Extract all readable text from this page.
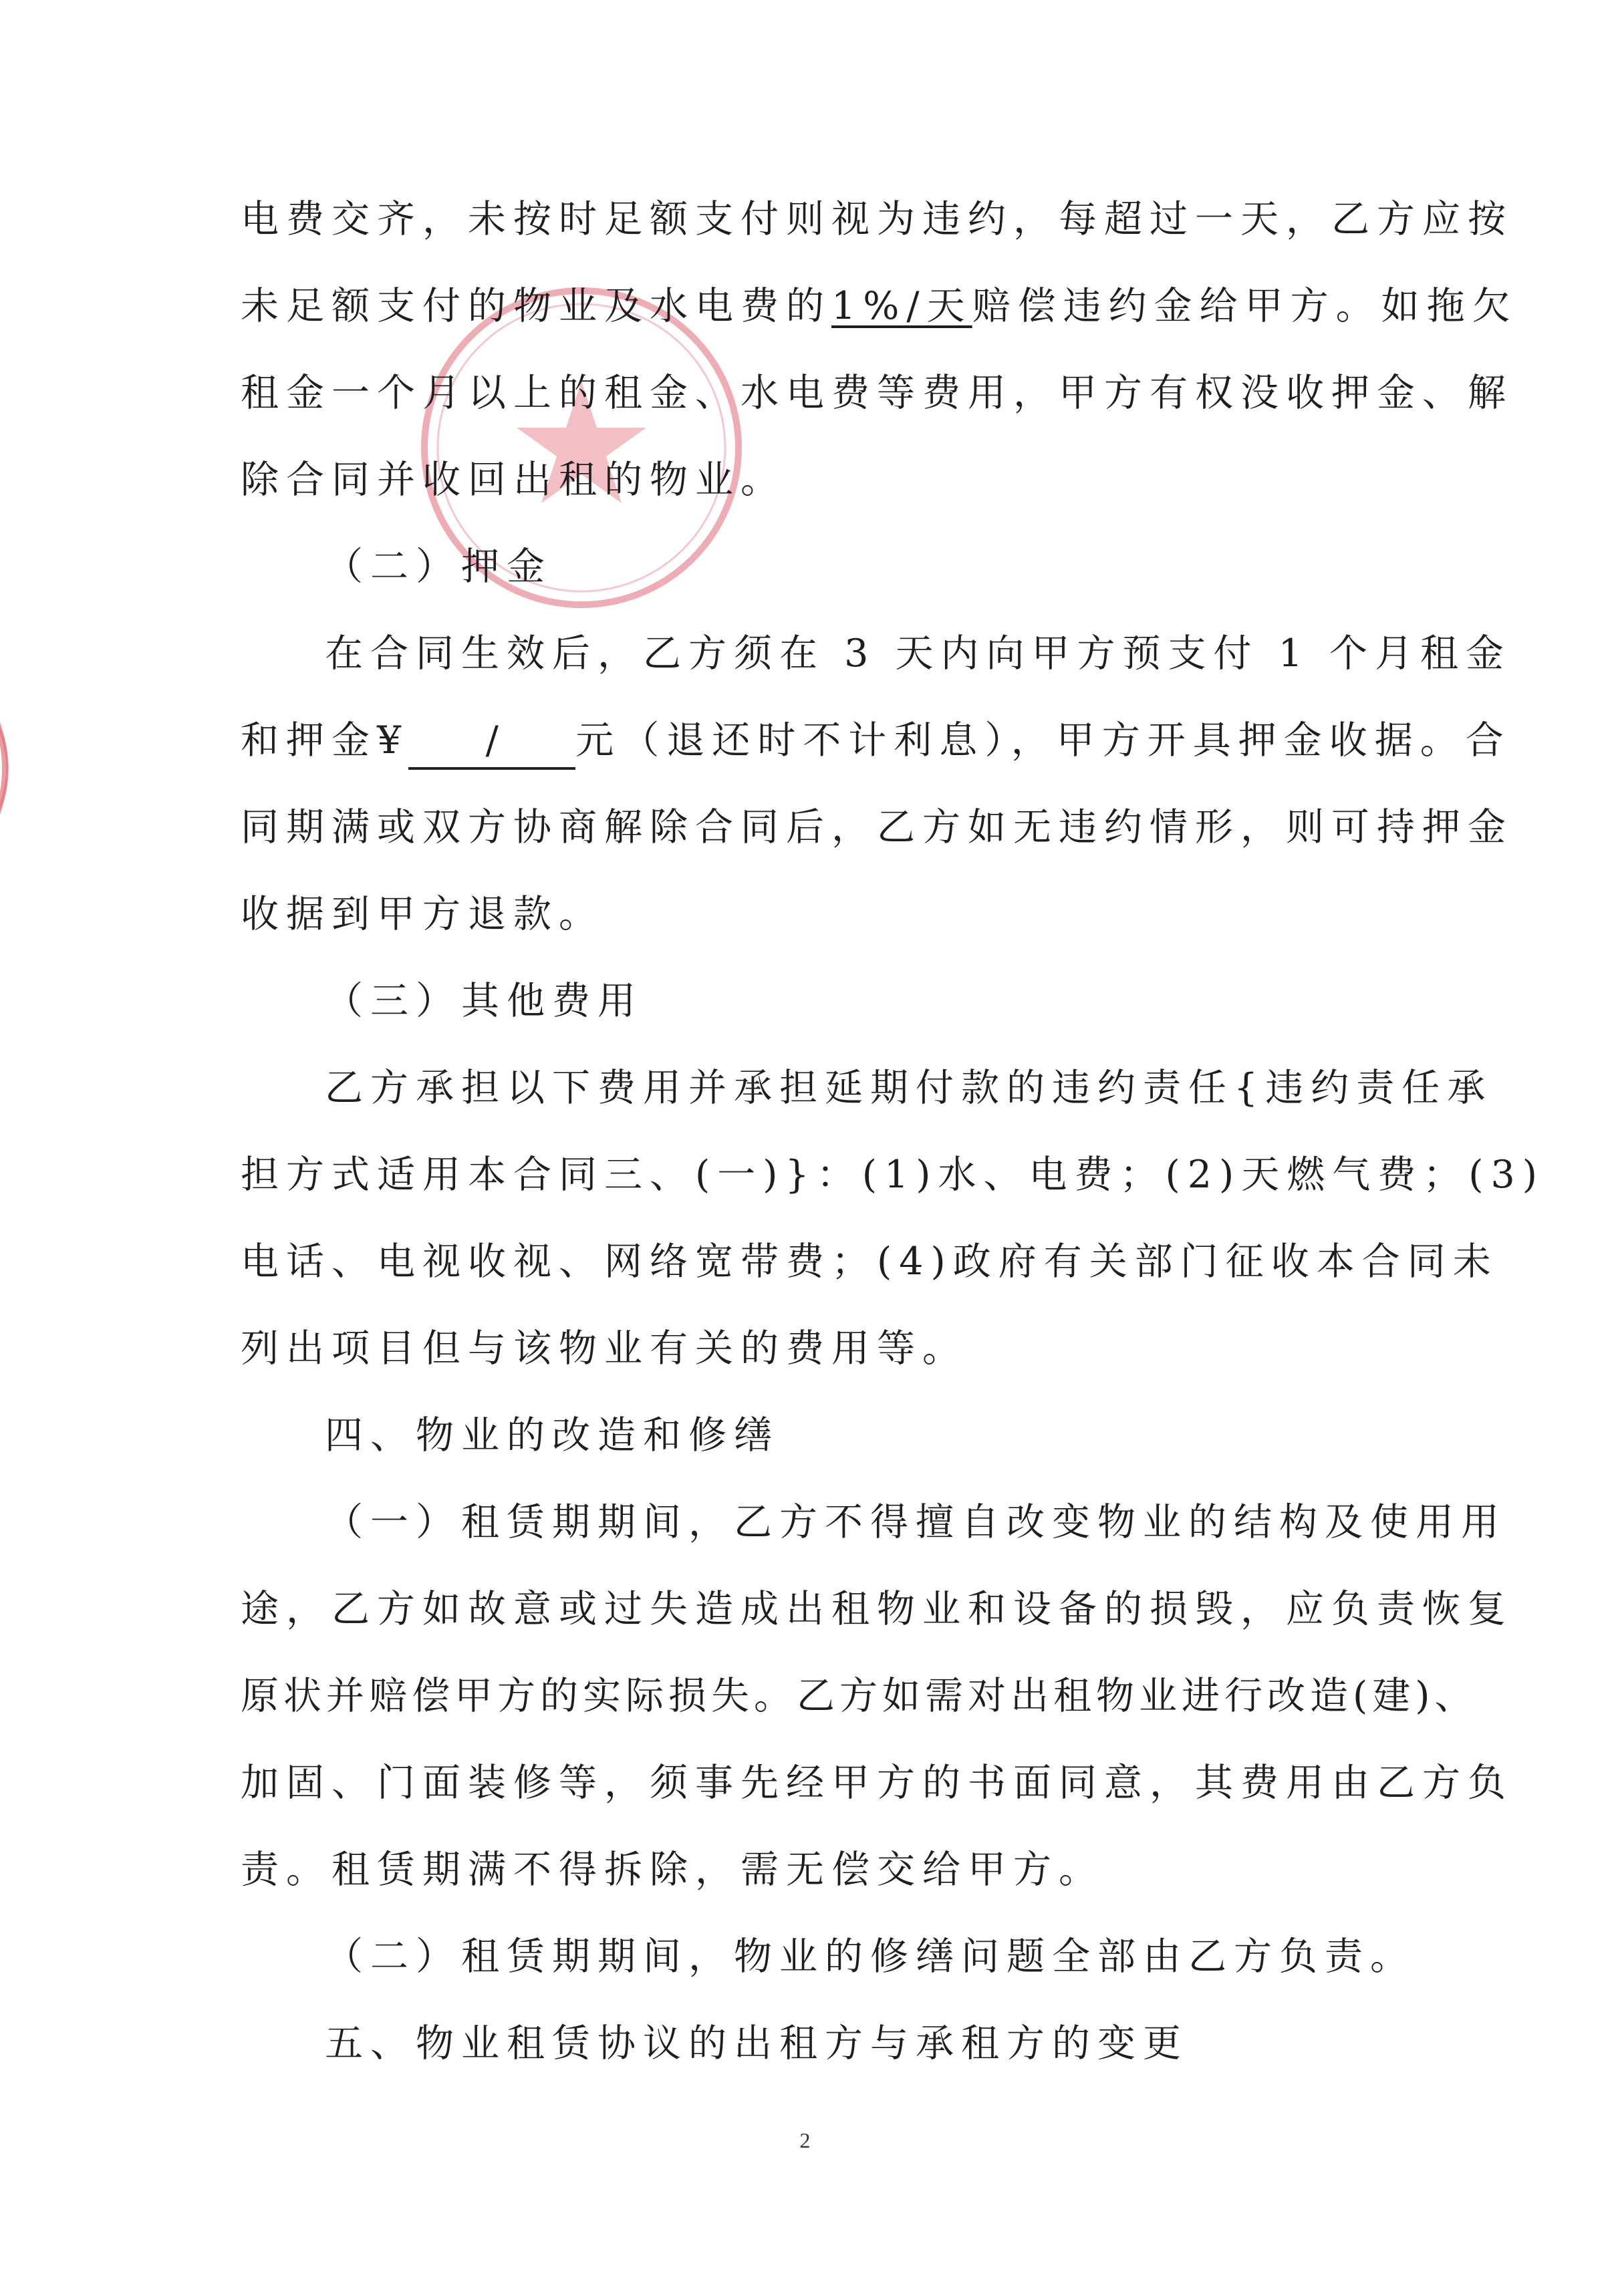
电费交齐，未按时足额支付则视为违约，每超过一天，乙方应按
未足额支付的物业及水电费的1%/天赔偿违约金给甲方。如拖欠
租金一个月以上的租金、水电费等费用，甲方有权没收押金、解
除合同并收回出租的物业。
（二）押金
在合同生效后，乙方须在 3 天内向甲方预支付 1 个月租金
和押金¥ / 元（退还时不计利息），甲方开具押金收据。合
同期满或双方协商解除合同后，乙方如无违约情形，则可持押金
收据到甲方退款。
（三）其他费用
乙方承担以下费用并承担延期付款的违约责任{违约责任承
担方式适用本合同三、(一)}：(1)水、电费；(2)天燃气费；(3)
电话、电视收视、网络宽带费；(4)政府有关部门征收本合同未
列出项目但与该物业有关的费用等。
四、物业的改造和修缮
（一）租赁期期间，乙方不得擅自改变物业的结构及使用用
途，乙方如故意或过失造成出租物业和设备的损毁，应负责恢复
原状并赔偿甲方的实际损失。乙方如需对出租物业进行改造(建)、
加固、门面装修等，须事先经甲方的书面同意，其费用由乙方负
责。租赁期满不得拆除，需无偿交给甲方。
（二）租赁期期间，物业的修缮问题全部由乙方负责。
五、物业租赁协议的出租方与承租方的变更
2
